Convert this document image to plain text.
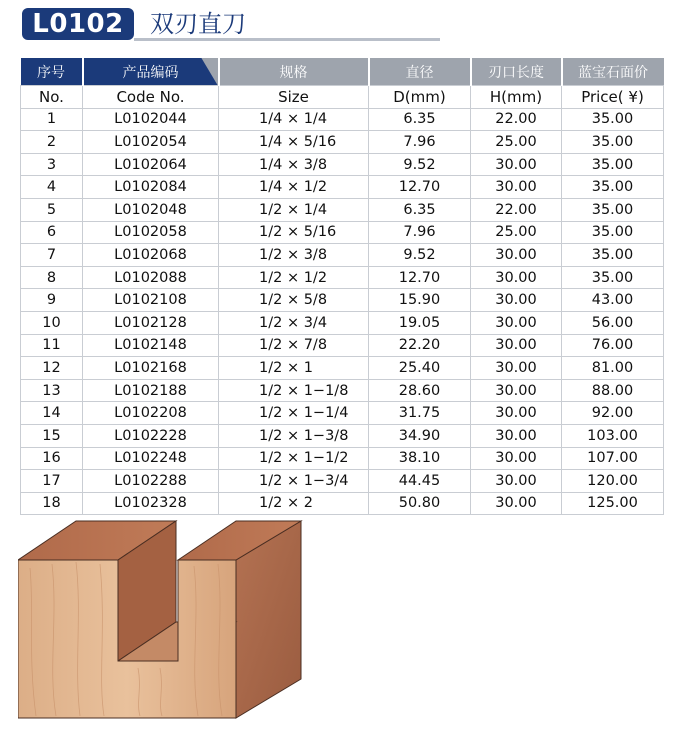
L0102	双刃直刀
序号	产品编码	规格	直径	刃口长度	蓝宝石面价
No.	Code No.	Size	D(mm)	H(mm)	Price( ¥)
1	L0102044	1/4 × 1/4	6.35	22.00	35.00
2	L0102054	1/4 × 5/16	7.96	25.00	35.00
3	L0102064	1/4 × 3/8	9.52	30.00	35.00
4	L0102084	1/4 × 1/2	12.70	30.00	35.00
5	L0102048	1/2 × 1/4	6.35	22.00	35.00
6	L0102058	1/2 × 5/16	7.96	25.00	35.00
7	L0102068	1/2 × 3/8	9.52	30.00	35.00
8	L0102088	1/2 × 1/2	12.70	30.00	35.00
9	L0102108	1/2 × 5/8	15.90	30.00	43.00
10	L0102128	1/2 × 3/4	19.05	30.00	56.00
11	L0102148	1/2 × 7/8	22.20	30.00	76.00
12	L0102168	1/2 × 1	25.40	30.00	81.00
13	L0102188	1/2 × 1−1/8	28.60	30.00	88.00
14	L0102208	1/2 × 1−1/4	31.75	30.00	92.00
15	L0102228	1/2 × 1−3/8	34.90	30.00	103.00
16	L0102248	1/2 × 1−1/2	38.10	30.00	107.00
17	L0102288	1/2 × 1−3/4	44.45	30.00	120.00
18	L0102328	1/2 × 2	50.80	30.00	125.00
